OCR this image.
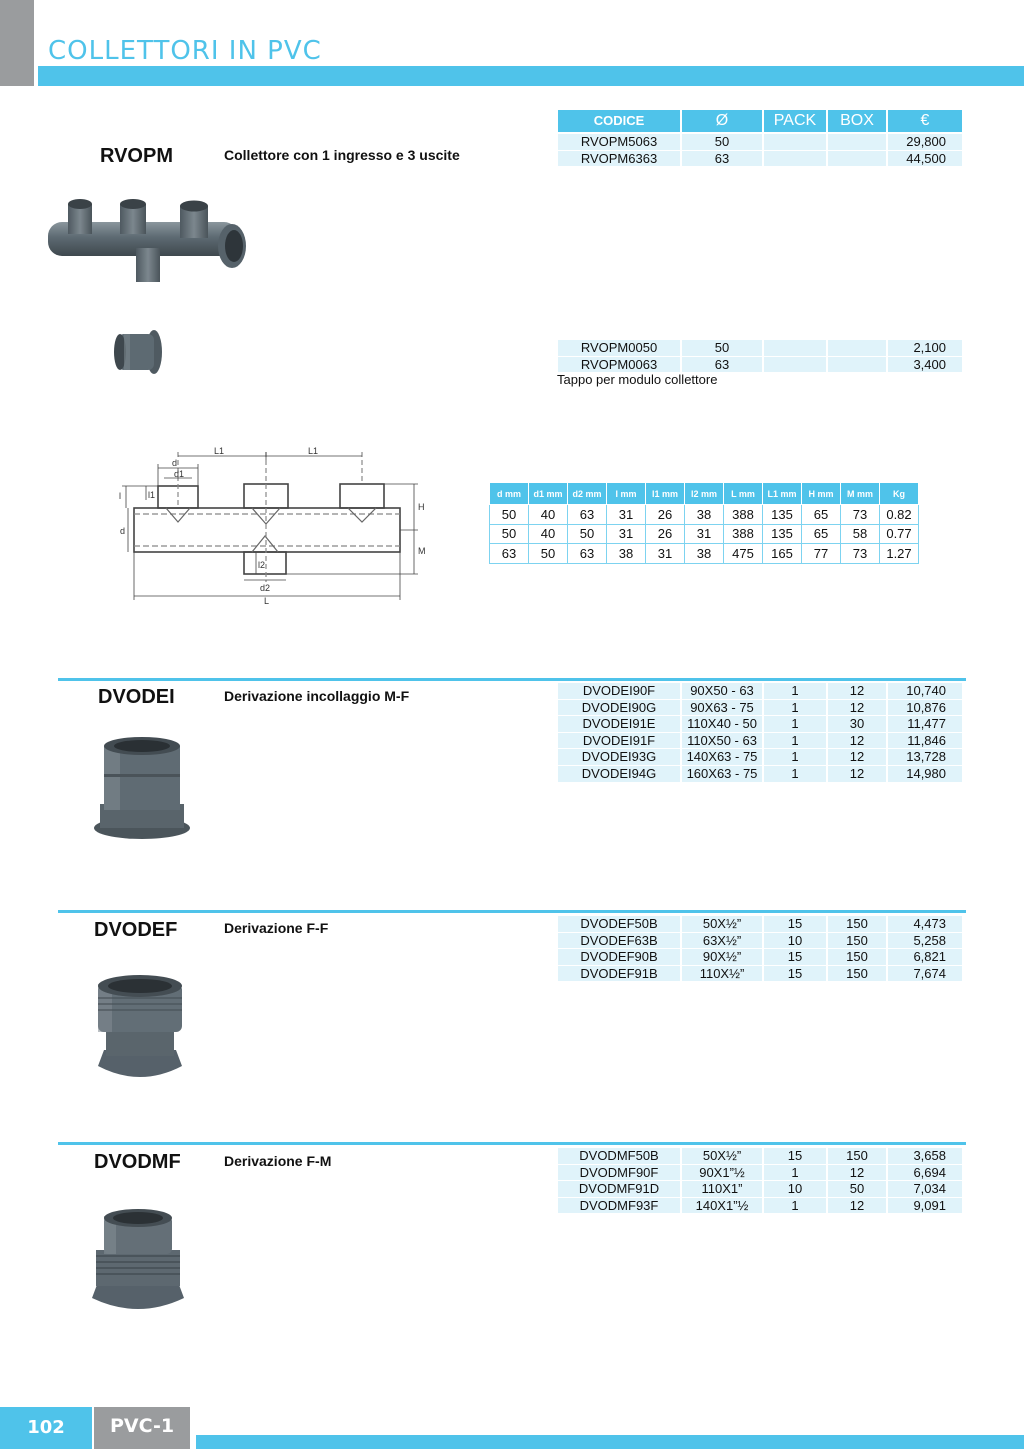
COLLETTORI IN PVC
RVOPM	Collettore con 1 ingresso e 3 uscite
CODICE	Ø	PACK	BOX	€
RVOPM5063	50			29,800
RVOPM6363	63			44,500
RVOPM0050	50			2,100
RVOPM0063	63			3,400
Tappo per modulo collettore
L1	L1
d
d1
l1
l
d
l2
d2
L
H
M
d mm	d1 mm	d2 mm	l mm	l1 mm	l2 mm	L mm	L1 mm	H mm	M mm	Kg
50	40	63	31	26	38	388	135	65	73	0.82
50	40	50	31	26	31	388	135	65	58	0.77
63	50	63	38	31	38	475	165	77	73	1.27
DVODEI	Derivazione incollaggio M-F	DVODEI90F	90X50 - 63	1	12	10,740
DVODEI90G	90X63 - 75	1	12	10,876
DVODEI91E	110X40 - 50	1	30	11,477
DVODEI91F	110X50 - 63	1	12	11,846
DVODEI93G	140X63 - 75	1	12	13,728
DVODEI94G	160X63 - 75	1	12	14,980
DVODEF	Derivazione F-F	DVODEF50B	50X½”	15	150	4,473
DVODEF63B	63X½”	10	150	5,258
DVODEF90B	90X½”	15	150	6,821
DVODEF91B	110X½”	15	150	7,674
DVODMF	Derivazione F-M	DVODMF50B	50X½”	15	150	3,658
DVODMF90F	90X1”½	1	12	6,694
DVODMF91D	110X1”	10	50	7,034
DVODMF93F	140X1”½	1	12	9,091
102	PVC-1
